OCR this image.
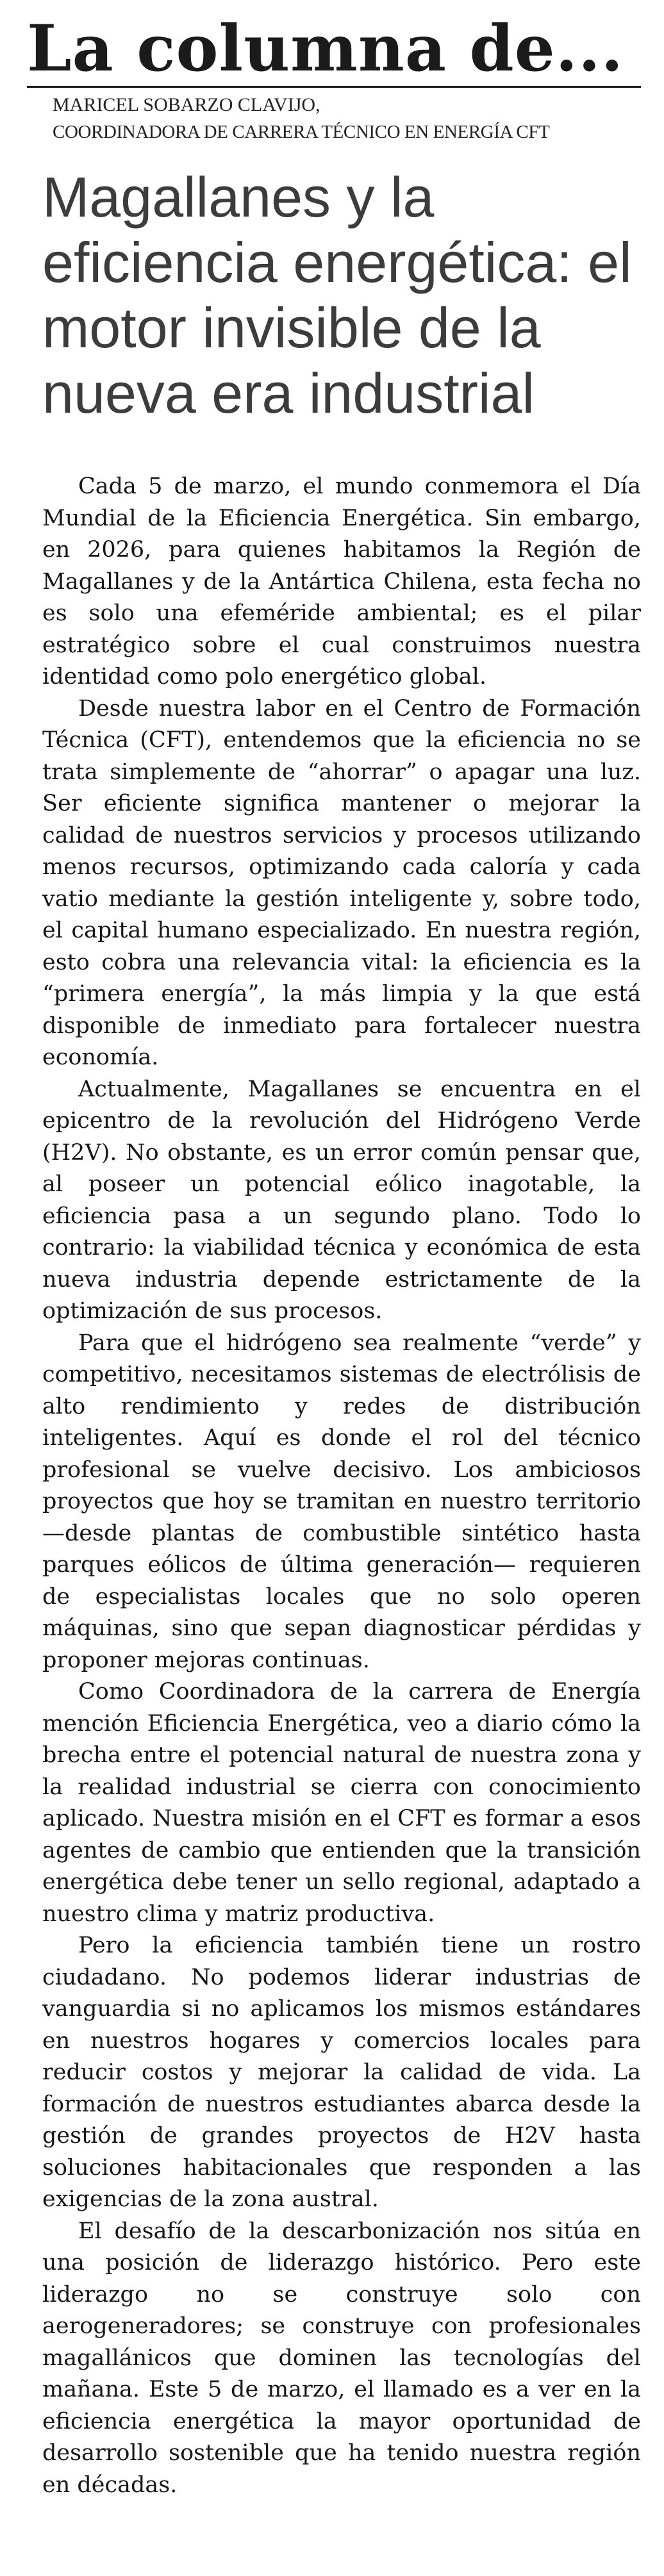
La columna de...

MARICEL SOBARZO CLAVIJO,

COORDINADORA DE CARRERA TÉCNICO EN ENERGÍA CFT

Magallanes y la eficiencia energética: el motor invisible de la nueva era industrial

Cada 5 de marzo, el mundo conmemora el Día Mundial de la Eficiencia Energética. Sin embargo, en 2026, para quienes habitamos la Región de Magallanes y de la Antártica Chilena, esta fecha no es solo una efeméride ambiental; es el pilar estratégico sobre el cual construimos nuestra identidad como polo energético global.

Desde nuestra labor en el Centro de Formación Técnica (CFT), entendemos que la eficiencia no se trata simplemente de “ahorrar” o apagar una luz. Ser eficiente significa mantener o mejorar la calidad de nuestros servicios y procesos utilizando menos recursos, optimizando cada caloría y cada vatio mediante la gestión inteligente y, sobre todo, el capital humano especializado. En nuestra región, esto cobra una relevancia vital: la eficiencia es la “primera energía”, la más limpia y la que está disponible de inmediato para fortalecer nuestra economía.

Actualmente, Magallanes se encuentra en el epicentro de la revolución del Hidrógeno Verde (H2V). No obstante, es un error común pensar que, al poseer un potencial eólico inagotable, la eficiencia pasa a un segundo plano. Todo lo contrario: la viabilidad técnica y económica de esta nueva industria depende estrictamente de la optimización de sus procesos.

Para que el hidrógeno sea realmente “verde” y competitivo, necesitamos sistemas de electrólisis de alto rendimiento y redes de distribución inteligentes. Aquí es donde el rol del técnico profesional se vuelve decisivo. Los ambiciosos proyectos que hoy se tramitan en nuestro territorio —desde plantas de combustible sintético hasta parques eólicos de última generación— requieren de especialistas locales que no solo operen máquinas, sino que sepan diagnosticar pérdidas y proponer mejoras continuas.

Como Coordinadora de la carrera de Energía mención Eficiencia Energética, veo a diario cómo la brecha entre el potencial natural de nuestra zona y la realidad industrial se cierra con conocimiento aplicado. Nuestra misión en el CFT es formar a esos agentes de cambio que entienden que la transición energética debe tener un sello regional, adaptado a nuestro clima y matriz productiva.

Pero la eficiencia también tiene un rostro ciudadano. No podemos liderar industrias de vanguardia si no aplicamos los mismos estándares en nuestros hogares y comercios locales para reducir costos y mejorar la calidad de vida. La formación de nuestros estudiantes abarca desde la gestión de grandes proyectos de H2V hasta soluciones habitacionales que responden a las exigencias de la zona austral.

El desafío de la descarbonización nos sitúa en una posición de liderazgo histórico. Pero este liderazgo no se construye solo con aerogeneradores; se construye con profesionales magallánicos que dominen las tecnologías del mañana. Este 5 de marzo, el llamado es a ver en la eficiencia energética la mayor oportunidad de desarrollo sostenible que ha tenido nuestra región en décadas.
